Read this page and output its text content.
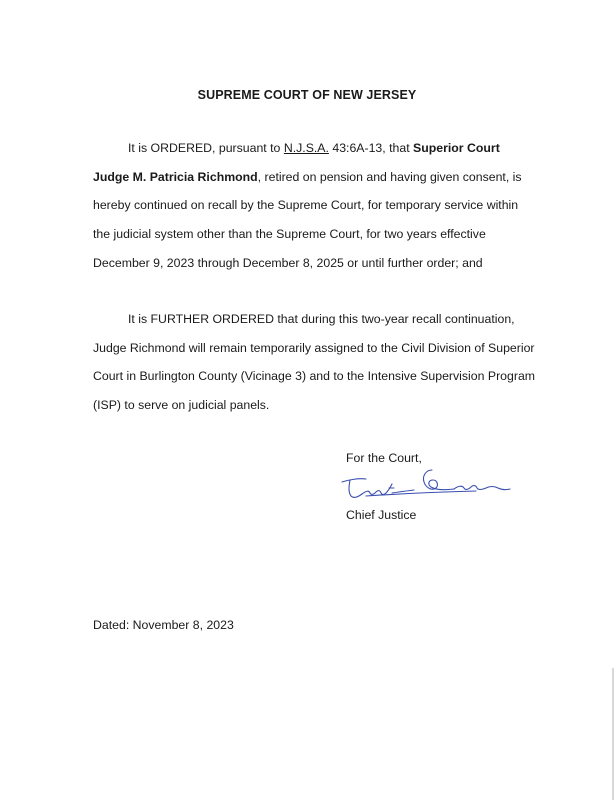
SUPREME COURT OF NEW JERSEY
It is ORDERED, pursuant to N.J.S.A. 43:6A-13, that Superior Court
Judge M. Patricia Richmond, retired on pension and having given consent, is
hereby continued on recall by the Supreme Court, for temporary service within
the judicial system other than the Supreme Court, for two years effective
December 9, 2023 through December 8, 2025 or until further order; and
It is FURTHER ORDERED that during this two-year recall continuation,
Judge Richmond will remain temporarily assigned to the Civil Division of Superior
Court in Burlington County (Vicinage 3) and to the Intensive Supervision Program
(ISP) to serve on judicial panels.
For the Court,
Chief Justice
Dated: November 8, 2023
